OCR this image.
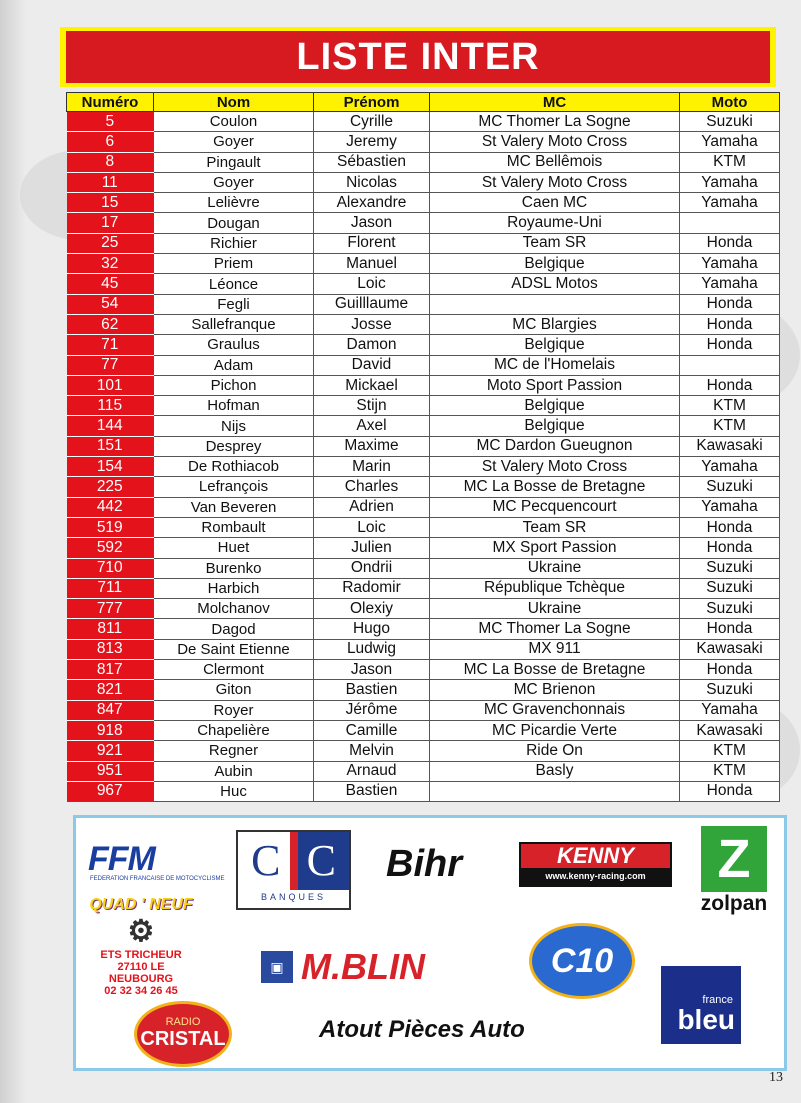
LISTE INTER
Numéro	Nom	Prénom	MC	Moto
5	Coulon	Cyrille	MC Thomer La Sogne	Suzuki
6	Goyer	Jeremy	St Valery Moto Cross	Yamaha
8	Pingault	Sébastien	MC Bellêmois	KTM
11	Goyer	Nicolas	St Valery Moto Cross	Yamaha
15	Lelièvre	Alexandre	Caen MC	Yamaha
17	Dougan	Jason	Royaume-Uni	
25	Richier	Florent	Team SR	Honda
32	Priem	Manuel	Belgique	Yamaha
45	Léonce	Loic	ADSL Motos	Yamaha
54	Fegli	Guilllaume		Honda
62	Sallefranque	Josse	MC Blargies	Honda
71	Graulus	Damon	Belgique	Honda
77	Adam	David	MC de l'Homelais	
101	Pichon	Mickael	Moto Sport Passion	Honda
115	Hofman	Stijn	Belgique	KTM
144	Nijs	Axel	Belgique	KTM
151	Desprey	Maxime	MC Dardon Gueugnon	Kawasaki
154	De Rothiacob	Marin	St Valery Moto Cross	Yamaha
225	Lefrançois	Charles	MC La Bosse de Bretagne	Suzuki
442	Van Beveren	Adrien	MC Pecquencourt	Yamaha
519	Rombault	Loic	Team SR	Honda
592	Huet	Julien	MX Sport Passion	Honda
710	Burenko	Ondrii	Ukraine	Suzuki
711	Harbich	Radomir	République Tchèque	Suzuki
777	Molchanov	Olexiy	Ukraine	Suzuki
811	Dagod	Hugo	MC Thomer La Sogne	Honda
813	De Saint Etienne	Ludwig	MX 911	Kawasaki
817	Clermont	Jason	MC La Bosse de Bretagne	Honda
821	Giton	Bastien	MC Brienon	Suzuki
847	Royer	Jérôme	MC Gravenchonnais	Yamaha
918	Chapelière	Camille	MC Picardie Verte	Kawasaki
921	Regner	Melvin	Ride On	KTM
951	Aubin	Arnaud	Basly	KTM
967	Huc	Bastien		Honda
FFM
FEDERATION FRANCAISE DE MOTOCYCLISME C C
BANQUES
Bihr	KENNY
www.kenny-racing.com	Z
zolpan
QUAD ' NEUF
⚙
ETS TRICHEUR
27110 LE NEUBOURG
02 32 34 26 45
▣ M.BLIN	C10
france
bleu
RADIO
CRISTAL	Atout Pièces Auto
13
